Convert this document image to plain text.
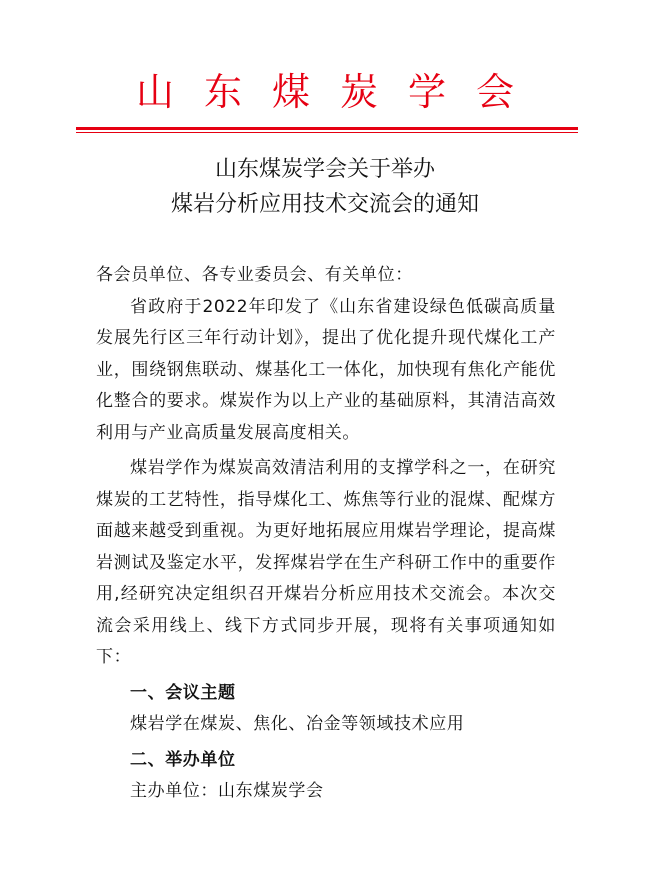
山东煤炭学会
山东煤炭学会关于举办
煤岩分析应用技术交流会的通知

各会员单位、各专业委员会、有关单位：

省政府于2022年印发了《山东省建设绿色低碳高质量发展先行区三年行动计划》，提出了优化提升现代煤化工产业，围绕钢焦联动、煤基化工一体化，加快现有焦化产能优化整合的要求。煤炭作为以上产业的基础原料，其清洁高效利用与产业高质量发展高度相关。

煤岩学作为煤炭高效清洁利用的支撑学科之一，在研究煤炭的工艺特性，指导煤化工、炼焦等行业的混煤、配煤方面越来越受到重视。为更好地拓展应用煤岩学理论，提高煤岩测试及鉴定水平，发挥煤岩学在生产科研工作中的重要作用,经研究决定组织召开煤岩分析应用技术交流会。本次交流会采用线上、线下方式同步开展，现将有关事项通知如下：

一、会议主题

煤岩学在煤炭、焦化、冶金等领域技术应用

二、举办单位

主办单位：山东煤炭学会
